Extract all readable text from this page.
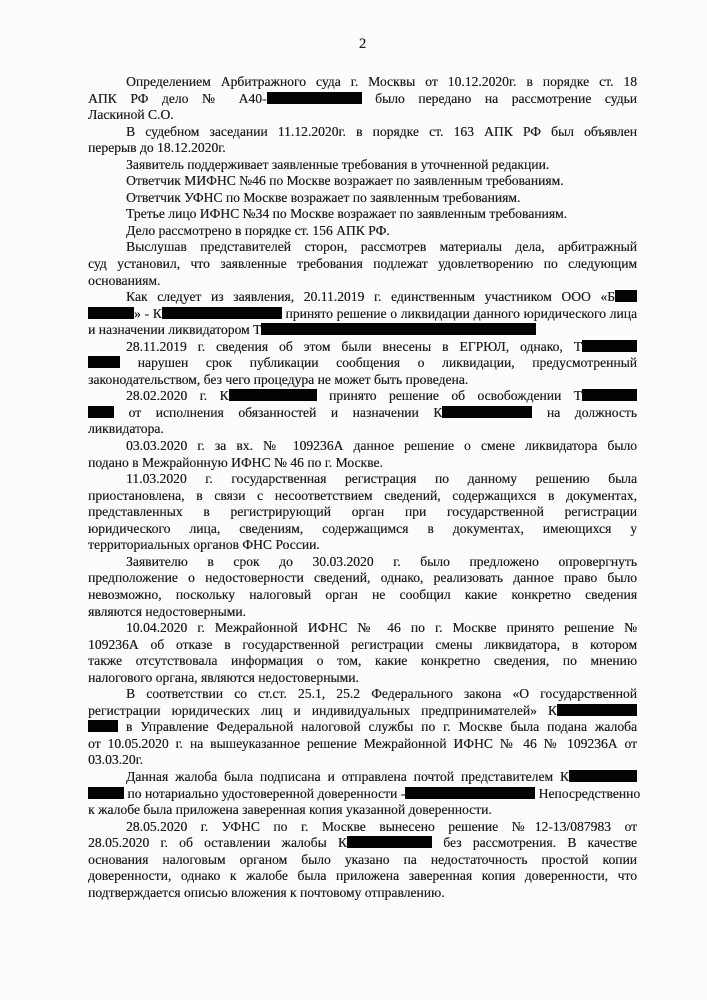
2
Определением Арбитражного суда г. Москвы от 10.12.2020г. в порядке ст. 18
АПК РФ дело № А40-	было передано на рассмотрение судьи
Ласкиной С.О.
В судебном заседании 11.12.2020г. в порядке ст. 163 АПК РФ был объявлен
перерыв до 18.12.2020г.
Заявитель поддерживает заявленные требования в уточненной редакции.
Ответчик МИФНС №46 по Москве возражает по заявленным требованиям.
Ответчик УФНС по Москве возражает по заявленным требованиям.
Третье лицо ИФНС №34 по Москве возражает по заявленным требованиям.
Дело рассмотрено в порядке ст. 156 АПК РФ.
Выслушав представителей сторон, рассмотрев материалы дела, арбитражный
суд установил, что заявленные требования подлежат удовлетворению по следующим
основаниям.
Как следует из заявления, 20.11.2019 г. единственным участником ООО «Б
» - К	принято решение о ликвидации данного юридического лица
и назначении ликвидатором Т
28.11.2019 г. сведения об этом были внесены в ЕГРЮЛ, однако, Т
нарушен срок публикации сообщения о ликвидации, предусмотренный
законодательством, без чего процедура не может быть проведена.
28.02.2020 г. К	принято решение об освобождении Т
от исполнения обязанностей и назначении К	на должность
ликвидатора.
03.03.2020 г. за вх. № 109236А данное решение о смене ликвидатора было
подано в Межрайонную ИФНС № 46 по г. Москве.
11.03.2020 г. государственная регистрация по данному решению была
приостановлена, в связи с несоответствием сведений, содержащихся в документах,
представленных в регистрирующий орган при государственной регистрации
юридического лица, сведениям, содержащимся в документах, имеющихся у
территориальных органов ФНС России.
Заявителю в срок до 30.03.2020 г. было предложено опровергнуть
предположение о недостоверности сведений, однако, реализовать данное право было
невозможно, поскольку налоговый орган не сообщил какие конкретно сведения
являются недостоверными.
10.04.2020 г. Межрайонной ИФНС № 46 по г. Москве принято решение №
109236А об отказе в государственной регистрации смены ликвидатора, в котором
также отсутствовала информация о том, какие конкретно сведения, по мнению
налогового органа, являются недостоверными.
В соответствии со ст.ст. 25.1, 25.2 Федерального закона «О государственной
регистрации юридических лиц и индивидуальных предпринимателей» К
в Управление Федеральной налоговой службы по г. Москве была подана жалоба
от 10.05.2020 г. на вышеуказанное решение Межрайонной ИФНС № 46 № 109236А от
03.03.20г.
Данная жалоба была подписана и отправлена почтой представителем К
по нотариально удостоверенной доверенности -	Непосредственно
к жалобе была приложена заверенная копия указанной доверенности.
28.05.2020 г. УФНС по г. Москве вынесено решение №12-13/087983 от
28.05.2020 г. об оставлении жалобы К	без рассмотрения. В качестве
основания налоговым органом было указано па недостаточность простой копии
доверенности, однако к жалобе была приложена заверенная копия доверенности, что
подтверждается описью вложения к почтовому отправлению.
